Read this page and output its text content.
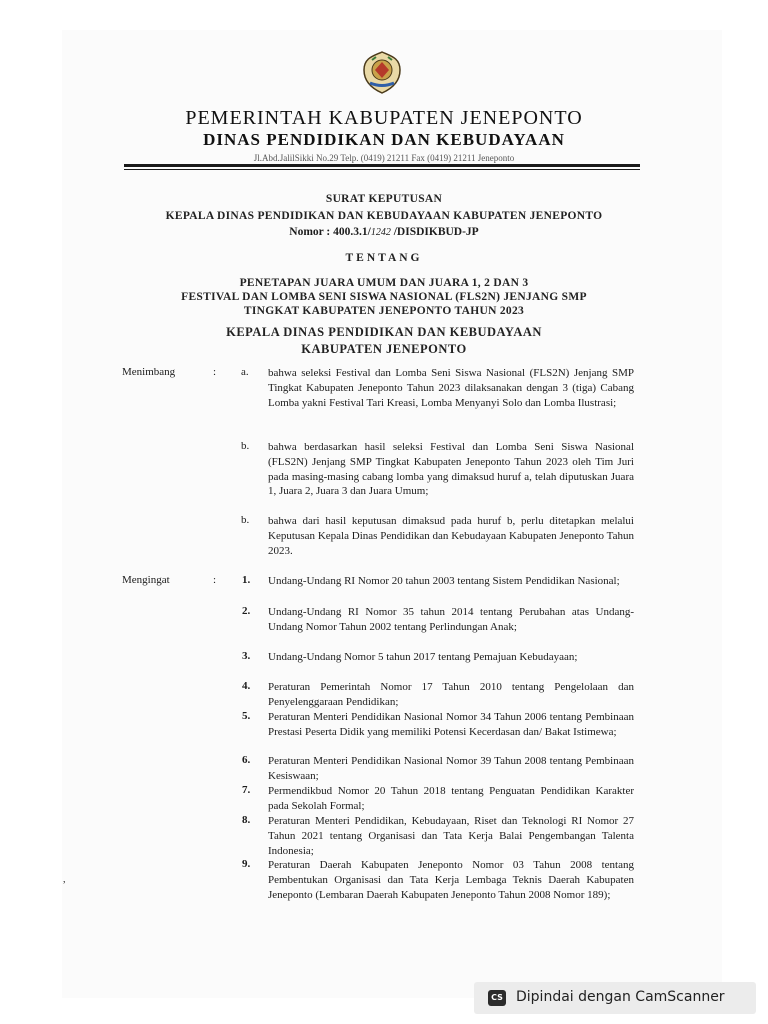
PEMERINTAH KABUPATEN JENEPONTO
DINAS PENDIDIKAN DAN KEBUDAYAAN
Jl.Abd.JalilSikki No.29 Telp. (0419) 21211 Fax (0419) 21211 Jeneponto
SURAT KEPUTUSAN
KEPALA DINAS PENDIDIKAN DAN KEBUDAYAAN KABUPATEN JENEPONTO
Nomor : 400.3.1/1242 /DISDIKBUD-JP
TENTANG
PENETAPAN JUARA UMUM DAN JUARA 1, 2 DAN 3
FESTIVAL DAN LOMBA SENI SISWA NASIONAL (FLS2N) JENJANG SMP
TINGKAT KABUPATEN JENEPONTO TAHUN 2023
KEPALA DINAS PENDIDIKAN DAN KEBUDAYAAN
KABUPATEN JENEPONTO
Menimbang	: a. bahwa seleksi Festival dan Lomba Seni Siswa Nasional (FLS2N) Jenjang SMP Tingkat Kabupaten Jeneponto Tahun 2023 dilaksanakan dengan 3 (tiga) Cabang Lomba yakni Festival Tari Kreasi, Lomba Menyanyi Solo dan Lomba Ilustrasi;
b. bahwa berdasarkan hasil seleksi Festival dan Lomba Seni Siswa Nasional (FLS2N) Jenjang SMP Tingkat Kabupaten Jeneponto Tahun 2023 oleh Tim Juri pada masing-masing cabang lomba yang dimaksud huruf a, telah diputuskan Juara 1, Juara 2, Juara 3 dan Juara Umum;
b. bahwa dari hasil keputusan dimaksud pada huruf b, perlu ditetapkan melalui Keputusan Kepala Dinas Pendidikan dan Kebudayaan Kabupaten Jeneponto Tahun 2023.
Mengingat	: 1. Undang-Undang RI Nomor 20 tahun 2003 tentang Sistem Pendidikan Nasional;
2. Undang-Undang RI Nomor 35 tahun 2014 tentang Perubahan atas Undang-Undang Nomor Tahun 2002 tentang Perlindungan Anak;
3. Undang-Undang Nomor 5 tahun 2017 tentang Pemajuan Kebudayaan;
4. Peraturan Pemerintah Nomor 17 Tahun 2010 tentang Pengelolaan dan Penyelenggaraan Pendidikan;
5. Peraturan Menteri Pendidikan Nasional Nomor 34 Tahun 2006 tentang Pembinaan Prestasi Peserta Didik yang memiliki Potensi Kecerdasan dan/ Bakat Istimewa;
6. Peraturan Menteri Pendidikan Nasional Nomor 39 Tahun 2008 tentang Pembinaan Kesiswaan;
7. Permendikbud Nomor 20 Tahun 2018 tentang Penguatan Pendidikan Karakter pada Sekolah Formal;
8. Peraturan Menteri Pendidikan, Kebudayaan, Riset dan Teknologi RI Nomor 27 Tahun 2021 tentang Organisasi dan Tata Kerja Balai Pengembangan Talenta Indonesia;
9. Peraturan Daerah Kabupaten Jeneponto Nomor 03 Tahun 2008 tentang Pembentukan Organisasi dan Tata Kerja Lembaga Teknis Daerah Kabupaten Jeneponto (Lembaran Daerah Kabupaten Jeneponto Tahun 2008 Nomor 189);
,
CS Dipindai dengan CamScanner
